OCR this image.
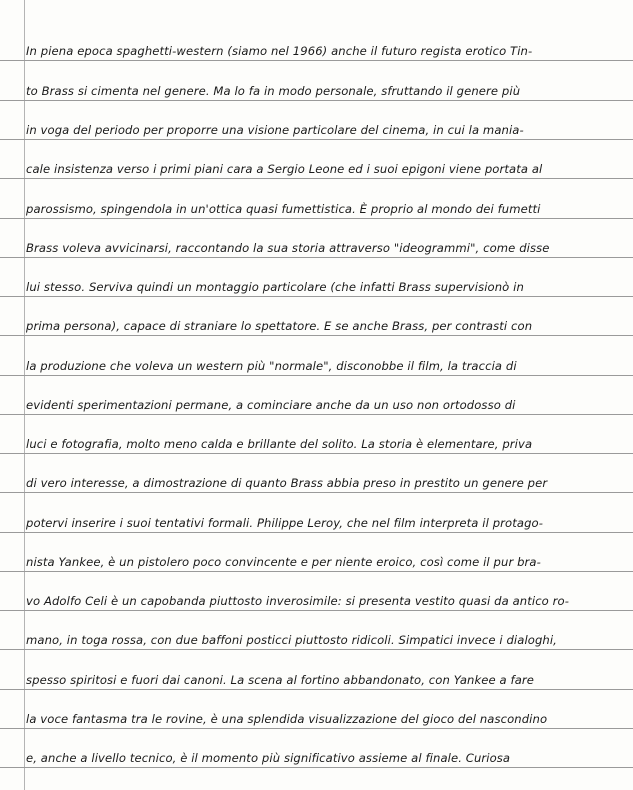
In piena epoca spaghetti-western (siamo nel 1966) anche il futuro regista erotico Tin-
to Brass si cimenta nel genere. Ma lo fa in modo personale, sfruttando il genere più
in voga del periodo per proporre una visione particolare del cinema, in cui la mania-
cale insistenza verso i primi piani cara a Sergio Leone ed i suoi epigoni viene portata al
parossismo, spingendola in un'ottica quasi fumettistica. È proprio al mondo dei fumetti
Brass voleva avvicinarsi, raccontando la sua storia attraverso "ideogrammi", come disse
lui stesso. Serviva quindi un montaggio particolare (che infatti Brass supervisionò in
prima persona), capace di straniare lo spettatore. E se anche Brass, per contrasti con
la produzione che voleva un western più "normale", disconobbe il film, la traccia di
evidenti sperimentazioni permane, a cominciare anche da un uso non ortodosso di
luci e fotografia, molto meno calda e brillante del solito. La storia è elementare, priva
di vero interesse, a dimostrazione di quanto Brass abbia preso in prestito un genere per
potervi inserire i suoi tentativi formali. Philippe Leroy, che nel film interpreta il protago-
nista Yankee, è un pistolero poco convincente e per niente eroico, così come il pur bra-
vo Adolfo Celi è un capobanda piuttosto inverosimile: si presenta vestito quasi da antico ro-
mano, in toga rossa, con due baffoni posticci piuttosto ridicoli. Simpatici invece i dialoghi,
spesso spiritosi e fuori dai canoni. La scena al fortino abbandonato, con Yankee a fare
la voce fantasma tra le rovine, è una splendida visualizzazione del gioco del nascondino
e, anche a livello tecnico, è il momento più significativo assieme al finale. Curiosa
